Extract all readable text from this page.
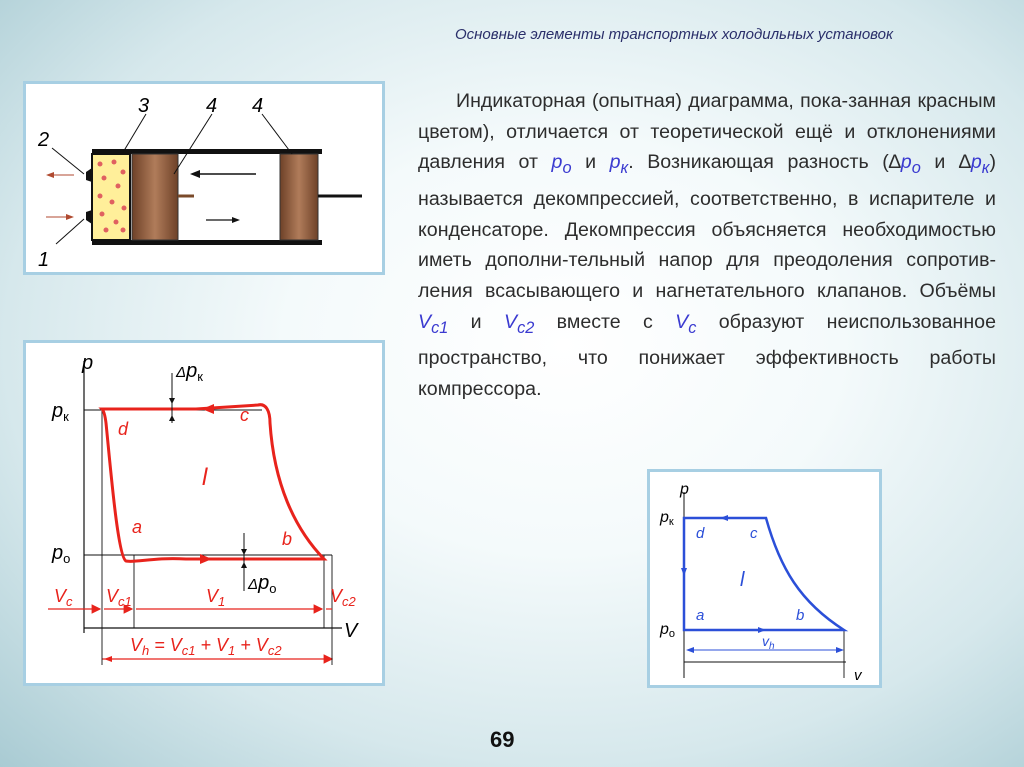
Основные элементы транспортных холодильных установок
2
1
3	4 4
p
V
Δpк
Δpо
$p_к$
$p_о$
d
c
a
b
l
$V_c$ $V_{c1}$	$V_1$	$V_{c2}$
$V_h = V_{c1} + V_1 + V_{c2}$

Индикаторная (опытная) диаграмма, пока-занная красным цветом), отличается от теоретической ещё и отклонениями давления от $p_о$ и $p_к$. Возникающая разность ($\Delta p_о$ и $\Delta p_к$) называется декомпрессией, соответственно, в испарителе и конденсаторе. Декомпрессия объясняется необходимостью иметь дополни-тельный напор для преодоления сопротив-ления всасывающего и нагнетательного клапанов. Объёмы $V_{c1}$ и $V_{c2}$ вместе с $V_c$ образуют неиспользованное пространство, что понижает эффективность работы компрессора.

p
v
pк
pо
d	c
a	b
l
$v_h$
69
